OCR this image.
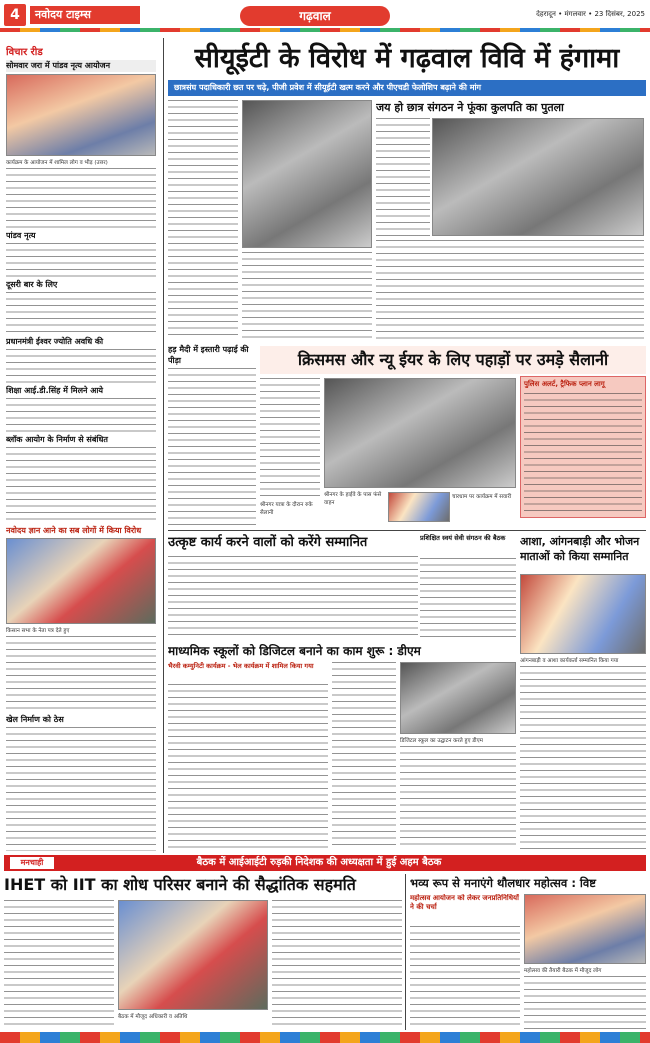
4	नवोदय टाइम्स	गढ़वाल	देहरादून • मंगलवार • 23 दिसंबर, 2025
विचार रीड
सोमवार जरा में पांडव नृत्य आयोजन
कार्यक्रम के आयोजन में शामिल लोग व भीड़ (उत्तर)
पांडव नृत्य
दूसरी बार के लिए
प्रधानमंत्री ईश्वर ज्योति अवधि की
शिक्षा आई.डी.सिंह में मिलने आये
ब्लॉक आयोग के निर्माण से संबंधित
नवोदय ज्ञान आने का सब लोगों में किया विरोध
किसान सभा के नेता पत्र देते हुए
खेल निर्माण को ठेस
सीयूईटी के विरोध में गढ़वाल विवि में हंगामा
छात्रसंघ पदाधिकारी छत पर चढ़े, पीजी प्रवेश में सीयूईटी खत्म करने और पीएचडी फेलोशिप बढ़ाने की मांग
जय हो छात्र संगठन ने फूंका कुलपति का पुतला
हड़ मैदी में इस्तारी पढ़ाई की पीड़ा	क्रिसमस और न्यू ईयर के लिए पहाड़ों पर उमड़े सैलानी
श्रीनगर के हाईवे के पास फंसे वाहन
चारधाम पर कार्यक्रम में सवारी
श्रीनगर यात्रा के दौरान रुके सैलानी
पुलिस अलर्ट, ट्रैफिक प्लान लागू
उत्कृष्ट कार्य करने वालों को करेंगे सम्मानित	प्रशिक्षित स्वयं सेवी संगठन की बैठक	आशा, आंगनबाड़ी और भोजन माताओं को किया सम्मानित
आंगनबाड़ी व आशा कार्यकर्ता सम्मानित किया गया
माध्यमिक स्कूलों को डिजिटल बनाने का काम शुरू : डीएम
भैरवी कम्युनिटी कार्यक्रम - भेल कार्यक्रम में शामिल किया गया
डिजिटल स्कूल का उद्घाटन करते हुए डीएम
मनचाही	बैठक में आईआईटी रुड़की निदेशक की अध्यक्षता में हुई अहम बैठक
IHET को IIT का शोध परिसर बनाने की सैद्धांतिक सहमति
बैठक में मौजूद अधिकारी व अतिथि
भव्य रूप से मनाएंगे थौलधार महोत्सव : विष्ट
महोत्सव आयोजन को लेकर जनप्रतिनिधियों ने की चर्चा
महोत्सव की तैयारी बैठक में मौजूद लोग
